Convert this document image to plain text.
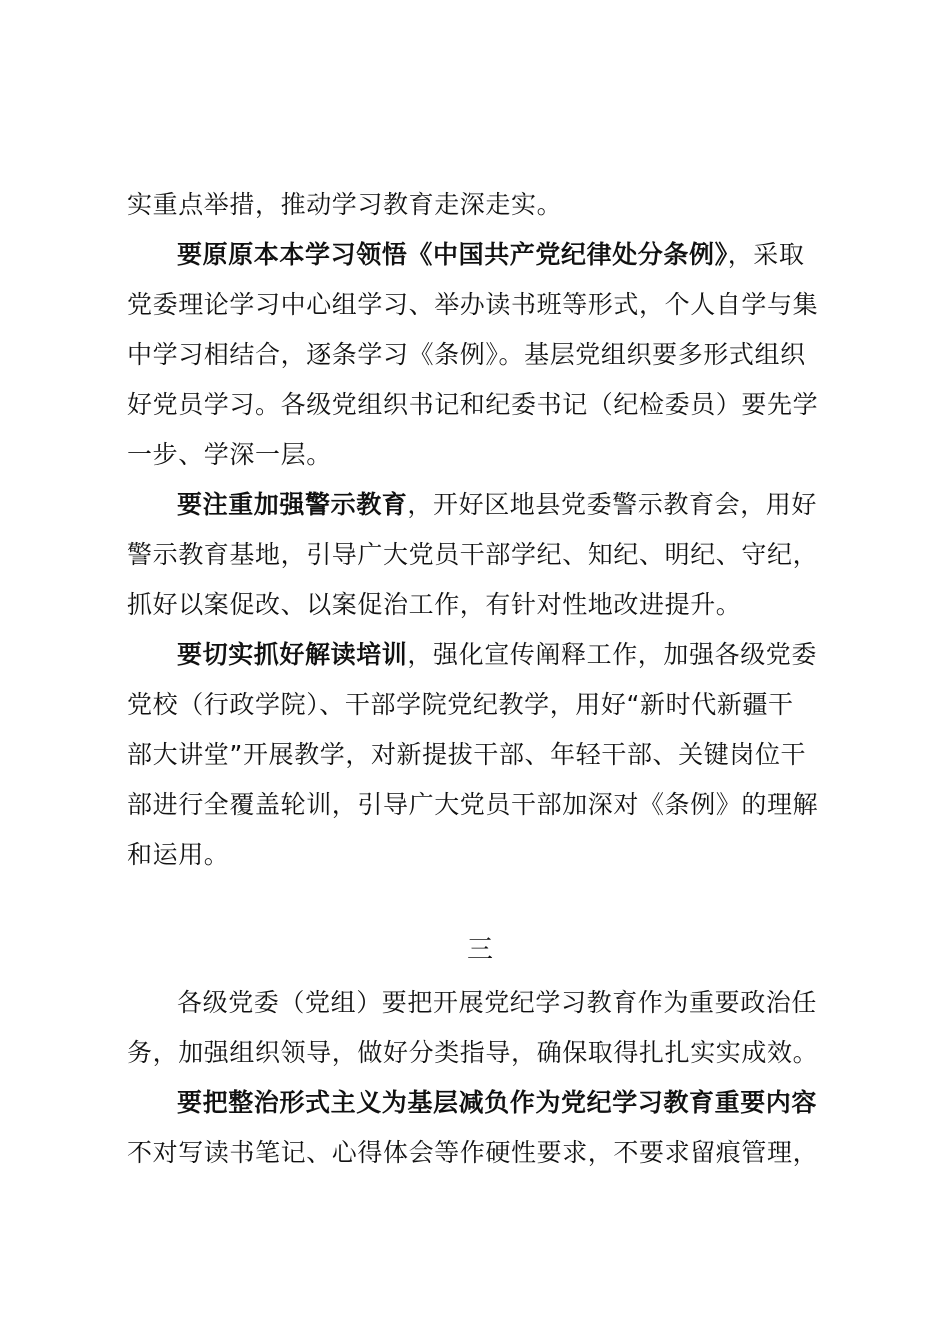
实重点举措，推动学习教育走深走实。
要原原本本学习领悟《中国共产党纪律处分条例》，采取
党委理论学习中心组学习、举办读书班等形式，个人自学与集
中学习相结合，逐条学习《条例》。基层党组织要多形式组织
好党员学习。各级党组织书记和纪委书记（纪检委员）要先学
一步、学深一层。
要注重加强警示教育，开好区地县党委警示教育会，用好
警示教育基地，引导广大党员干部学纪、知纪、明纪、守纪，
抓好以案促改、以案促治工作，有针对性地改进提升。
要切实抓好解读培训，强化宣传阐释工作，加强各级党委
党校（行政学院）、干部学院党纪教学，用好“新时代新疆干
部大讲堂”开展教学，对新提拔干部、年轻干部、关键岗位干
部进行全覆盖轮训，引导广大党员干部加深对《条例》的理解
和运用。
三
各级党委（党组）要把开展党纪学习教育作为重要政治任
务，加强组织领导，做好分类指导，确保取得扎扎实实成效。
要把整治形式主义为基层减负作为党纪学习教育重要内容
不对写读书笔记、心得体会等作硬性要求，不要求留痕管理，
